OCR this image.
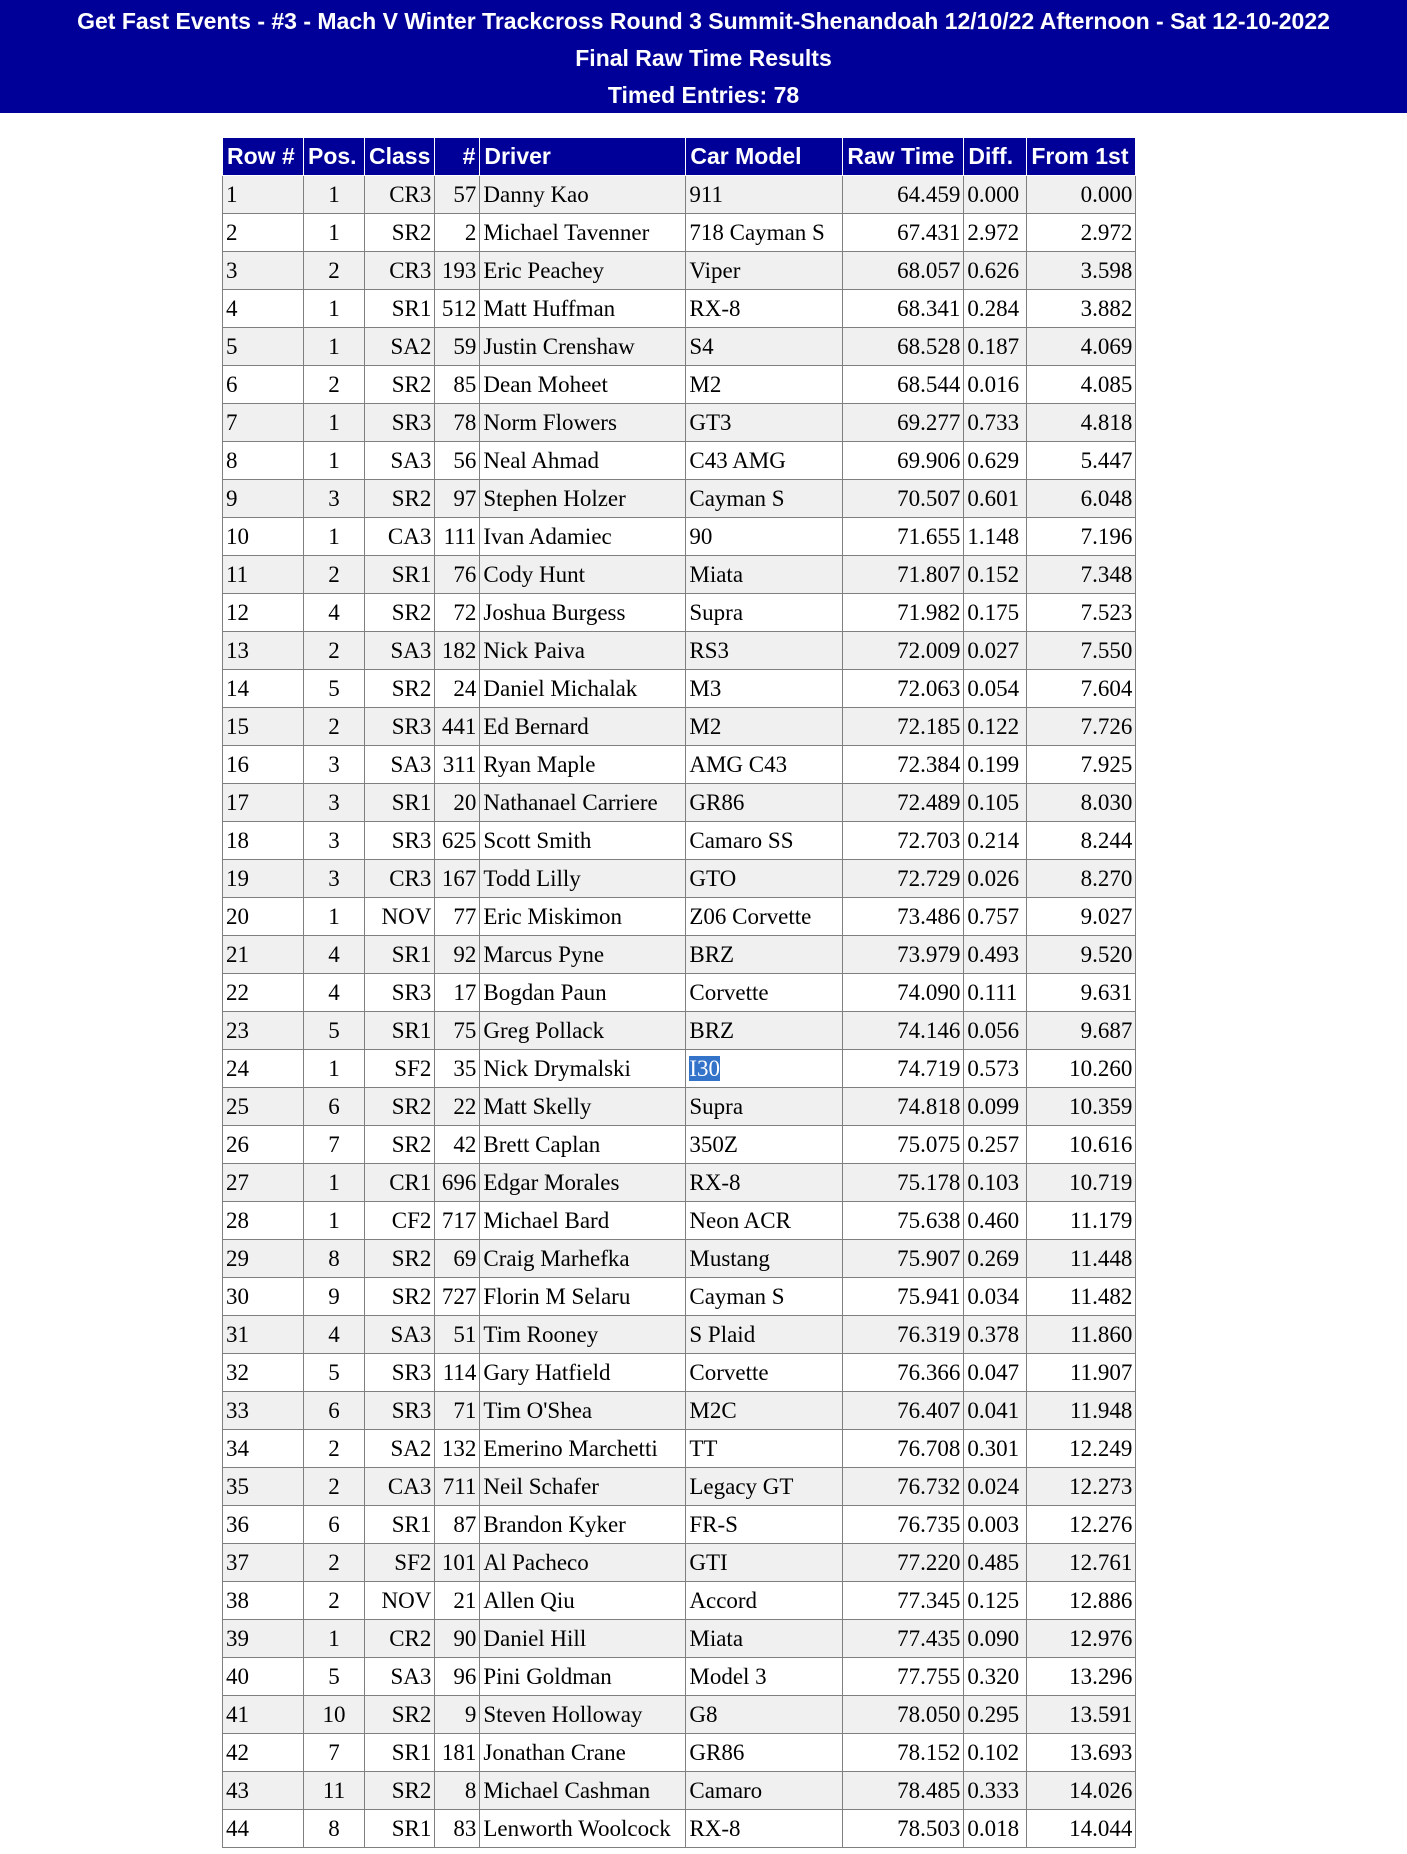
Get Fast Events - #3 - Mach V Winter Trackcross Round 3 Summit-Shenandoah 12/10/22 Afternoon - Sat 12-10-2022
Final Raw Time Results
Timed Entries: 78
Row #	Pos.	Class	#	Driver	Car Model	Raw Time	Diff.	From 1st
1	1	CR3	57	Danny Kao	911	64.459	0.000	0.000
2	1	SR2	2	Michael Tavenner	718 Cayman S	67.431	2.972	2.972
3	2	CR3	193	Eric Peachey	Viper	68.057	0.626	3.598
4	1	SR1	512	Matt Huffman	RX-8	68.341	0.284	3.882
5	1	SA2	59	Justin Crenshaw	S4	68.528	0.187	4.069
6	2	SR2	85	Dean Moheet	M2	68.544	0.016	4.085
7	1	SR3	78	Norm Flowers	GT3	69.277	0.733	4.818
8	1	SA3	56	Neal Ahmad	C43 AMG	69.906	0.629	5.447
9	3	SR2	97	Stephen Holzer	Cayman S	70.507	0.601	6.048
10	1	CA3	111	Ivan Adamiec	90	71.655	1.148	7.196
11	2	SR1	76	Cody Hunt	Miata	71.807	0.152	7.348
12	4	SR2	72	Joshua Burgess	Supra	71.982	0.175	7.523
13	2	SA3	182	Nick Paiva	RS3	72.009	0.027	7.550
14	5	SR2	24	Daniel Michalak	M3	72.063	0.054	7.604
15	2	SR3	441	Ed Bernard	M2	72.185	0.122	7.726
16	3	SA3	311	Ryan Maple	AMG C43	72.384	0.199	7.925
17	3	SR1	20	Nathanael Carriere	GR86	72.489	0.105	8.030
18	3	SR3	625	Scott Smith	Camaro SS	72.703	0.214	8.244
19	3	CR3	167	Todd Lilly	GTO	72.729	0.026	8.270
20	1	NOV	77	Eric Miskimon	Z06 Corvette	73.486	0.757	9.027
21	4	SR1	92	Marcus Pyne	BRZ	73.979	0.493	9.520
22	4	SR3	17	Bogdan Paun	Corvette	74.090	0.111	9.631
23	5	SR1	75	Greg Pollack	BRZ	74.146	0.056	9.687
24	1	SF2	35	Nick Drymalski	I30	74.719	0.573	10.260
25	6	SR2	22	Matt Skelly	Supra	74.818	0.099	10.359
26	7	SR2	42	Brett Caplan	350Z	75.075	0.257	10.616
27	1	CR1	696	Edgar Morales	RX-8	75.178	0.103	10.719
28	1	CF2	717	Michael Bard	Neon ACR	75.638	0.460	11.179
29	8	SR2	69	Craig Marhefka	Mustang	75.907	0.269	11.448
30	9	SR2	727	Florin M Selaru	Cayman S	75.941	0.034	11.482
31	4	SA3	51	Tim Rooney	S Plaid	76.319	0.378	11.860
32	5	SR3	114	Gary Hatfield	Corvette	76.366	0.047	11.907
33	6	SR3	71	Tim O'Shea	M2C	76.407	0.041	11.948
34	2	SA2	132	Emerino Marchetti	TT	76.708	0.301	12.249
35	2	CA3	711	Neil Schafer	Legacy GT	76.732	0.024	12.273
36	6	SR1	87	Brandon Kyker	FR-S	76.735	0.003	12.276
37	2	SF2	101	Al Pacheco	GTI	77.220	0.485	12.761
38	2	NOV	21	Allen Qiu	Accord	77.345	0.125	12.886
39	1	CR2	90	Daniel Hill	Miata	77.435	0.090	12.976
40	5	SA3	96	Pini Goldman	Model 3	77.755	0.320	13.296
41	10	SR2	9	Steven Holloway	G8	78.050	0.295	13.591
42	7	SR1	181	Jonathan Crane	GR86	78.152	0.102	13.693
43	11	SR2	8	Michael Cashman	Camaro	78.485	0.333	14.026
44	8	SR1	83	Lenworth Woolcock	RX-8	78.503	0.018	14.044
